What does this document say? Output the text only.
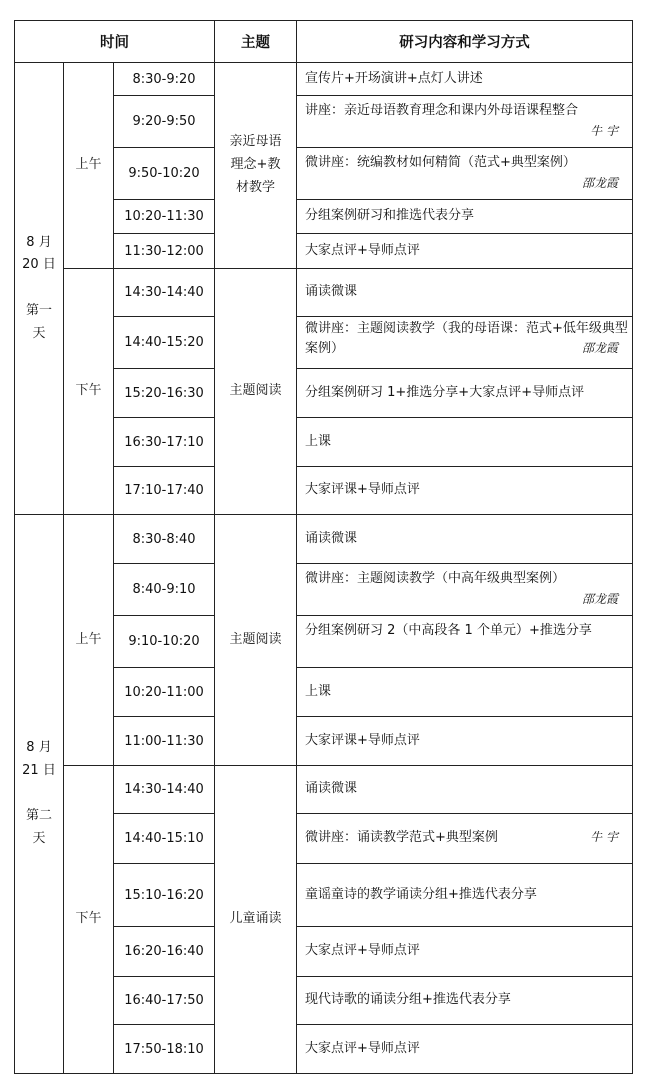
时间			主题	研习内容和学习方式
8 月
20 日

第一
天	上午	8:30-9:20	亲近母语理念+教材教学	宣传片+开场演讲+点灯人讲述
		9:20-9:50		讲座：亲近母语教育理念和课内外母语课程整合
牛 宇

		9:50-10:20		微讲座：统编教材如何精简（范式+典型案例）
邵龙霞

		10:20-11:30		分组案例研习和推选代表分享
		11:30-12:00		大家点评+导师点评
	下午	14:30-14:40	主题阅读	诵读微课
		14:40-15:20		微讲座：主题阅读教学（我的母语课：范式+低年级典型案例） 邵龙霞

		15:20-16:30		分组案例研习 1+推选分享+大家点评+导师点评
		16:30-17:10		上课
		17:10-17:40		大家评课+导师点评
8 月
21 日

第二
天	上午	8:30-8:40	主题阅读	诵读微课
		8:40-9:10		微讲座：主题阅读教学（中高年级典型案例）
邵龙霞

		9:10-10:20		分组案例研习 2（中高段各 1 个单元）+推选分享
		10:20-11:00		上课
		11:00-11:30		大家评课+导师点评
	下午	14:30-14:40	儿童诵读	诵读微课
		14:40-15:10		微讲座：诵读教学范式+典型案例 牛 宇

		15:10-16:20		童谣童诗的教学诵读分组+推选代表分享
		16:20-16:40		大家点评+导师点评
		16:40-17:50		现代诗歌的诵读分组+推选代表分享
		17:50-18:10		大家点评+导师点评
